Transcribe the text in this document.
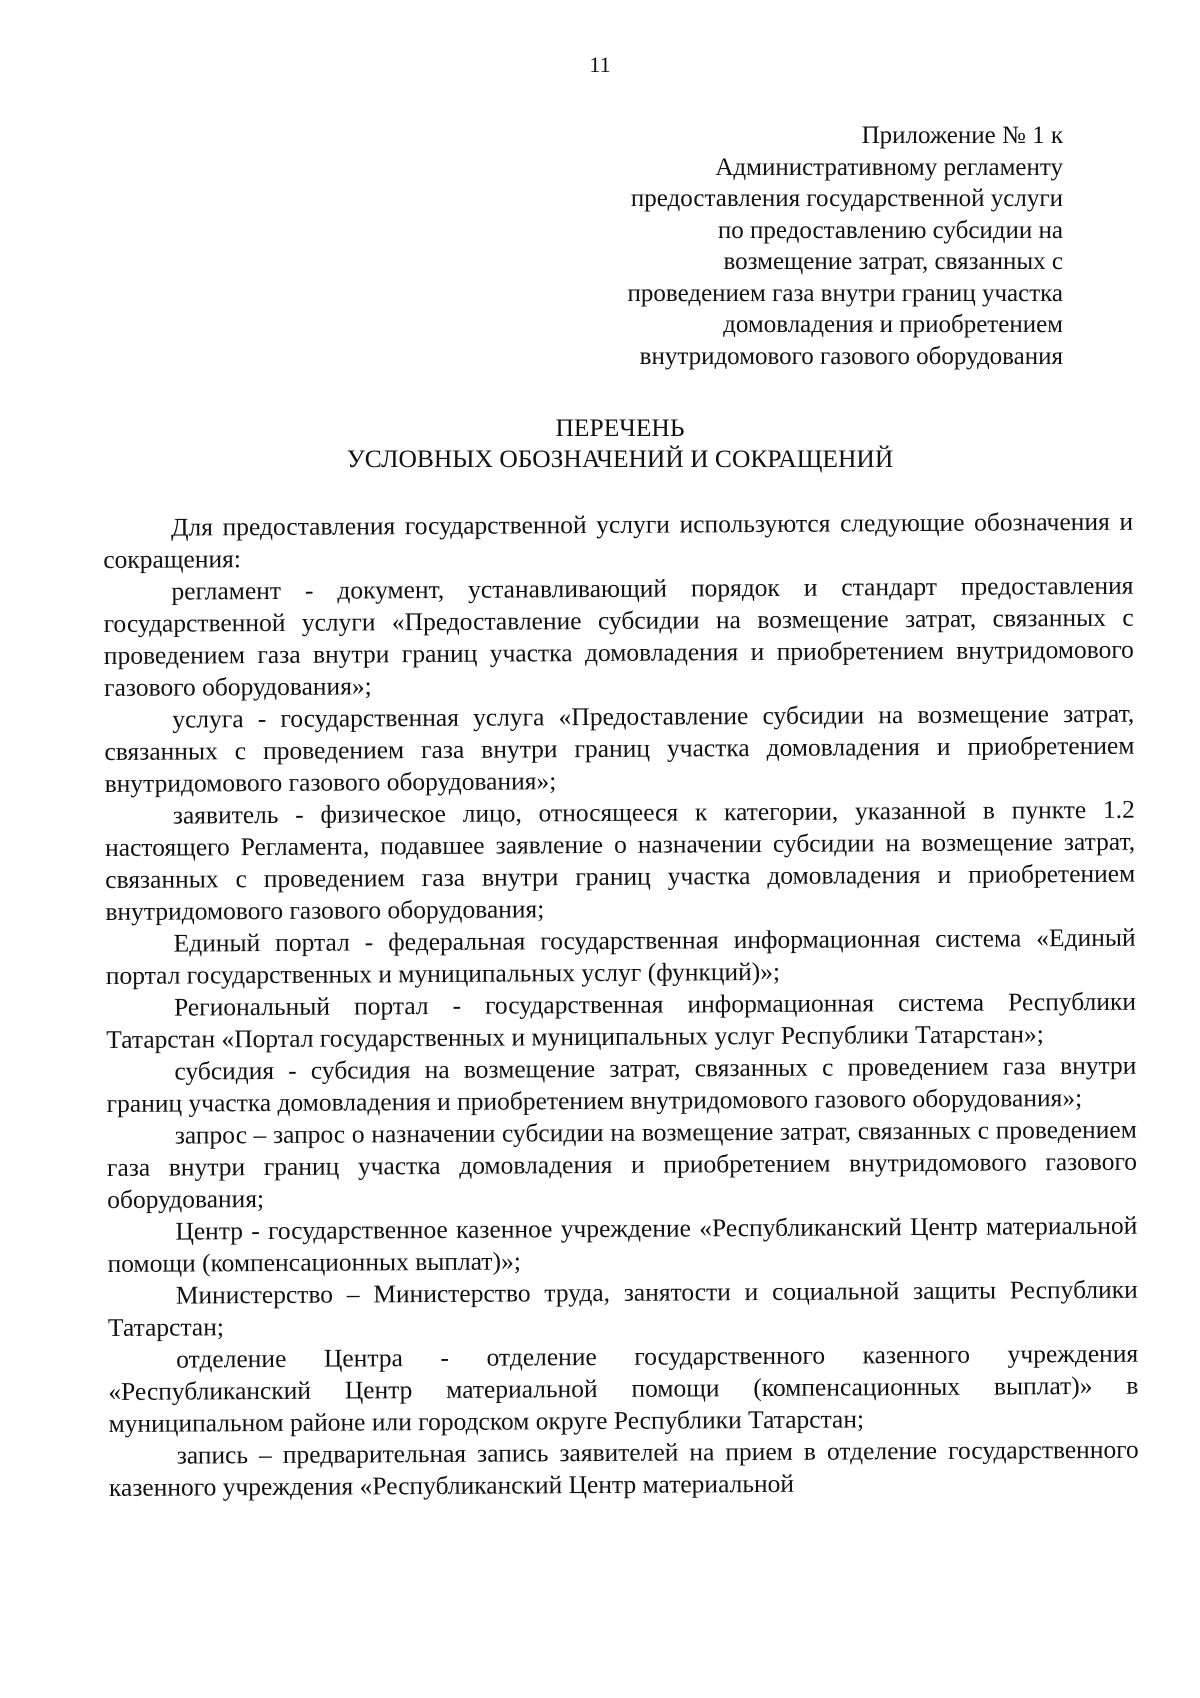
11
Приложение № 1 к
Административному регламенту
предоставления государственной услуги
по предоставлению субсидии на
возмещение затрат, связанных с
проведением газа внутри границ участка
домовладения и приобретением
внутридомового газового оборудования
ПЕРЕЧЕНЬ
УСЛОВНЫХ ОБОЗНАЧЕНИЙ И СОКРАЩЕНИЙ

Для предоставления государственной услуги используются следующие обозначения и сокращения:

регламент - документ, устанавливающий порядок и стандарт предоставления государственной услуги «Предоставление субсидии на возмещение затрат, связанных с проведением газа внутри границ участка домовладения и приобретением внутридомового газового оборудования»;

услуга - государственная услуга «Предоставление субсидии на возмещение затрат, связанных с проведением газа внутри границ участка домовладения и приобретением внутридомового газового оборудования»;

заявитель - физическое лицо, относящееся к категории, указанной в пункте 1.2 настоящего Регламента, подавшее заявление о назначении субсидии на возмещение затрат, связанных с проведением газа внутри границ участка домовладения и приобретением внутридомового газового оборудования;

Единый портал - федеральная государственная информационная система «Единый портал государственных и муниципальных услуг (функций)»;

Региональный портал - государственная информационная система Республики Татарстан «Портал государственных и муниципальных услуг Республики Татарстан»;

субсидия - субсидия на возмещение затрат, связанных с проведением газа внутри границ участка домовладения и приобретением внутридомового газового оборудования»;

запрос – запрос о назначении субсидии на возмещение затрат, связанных с проведением газа внутри границ участка домовладения и приобретением внутридомового газового оборудования;

Центр - государственное казенное учреждение «Республиканский Центр материальной помощи (компенсационных выплат)»;

Министерство – Министерство труда, занятости и социальной защиты Республики Татарстан;

отделение Центра - отделение государственного казенного учреждения «Республиканский Центр материальной помощи (компенсационных выплат)» в муниципальном районе или городском округе Республики Татарстан;

запись – предварительная запись заявителей на прием в отделение государственного казенного учреждения «Республиканский Центр материальной
